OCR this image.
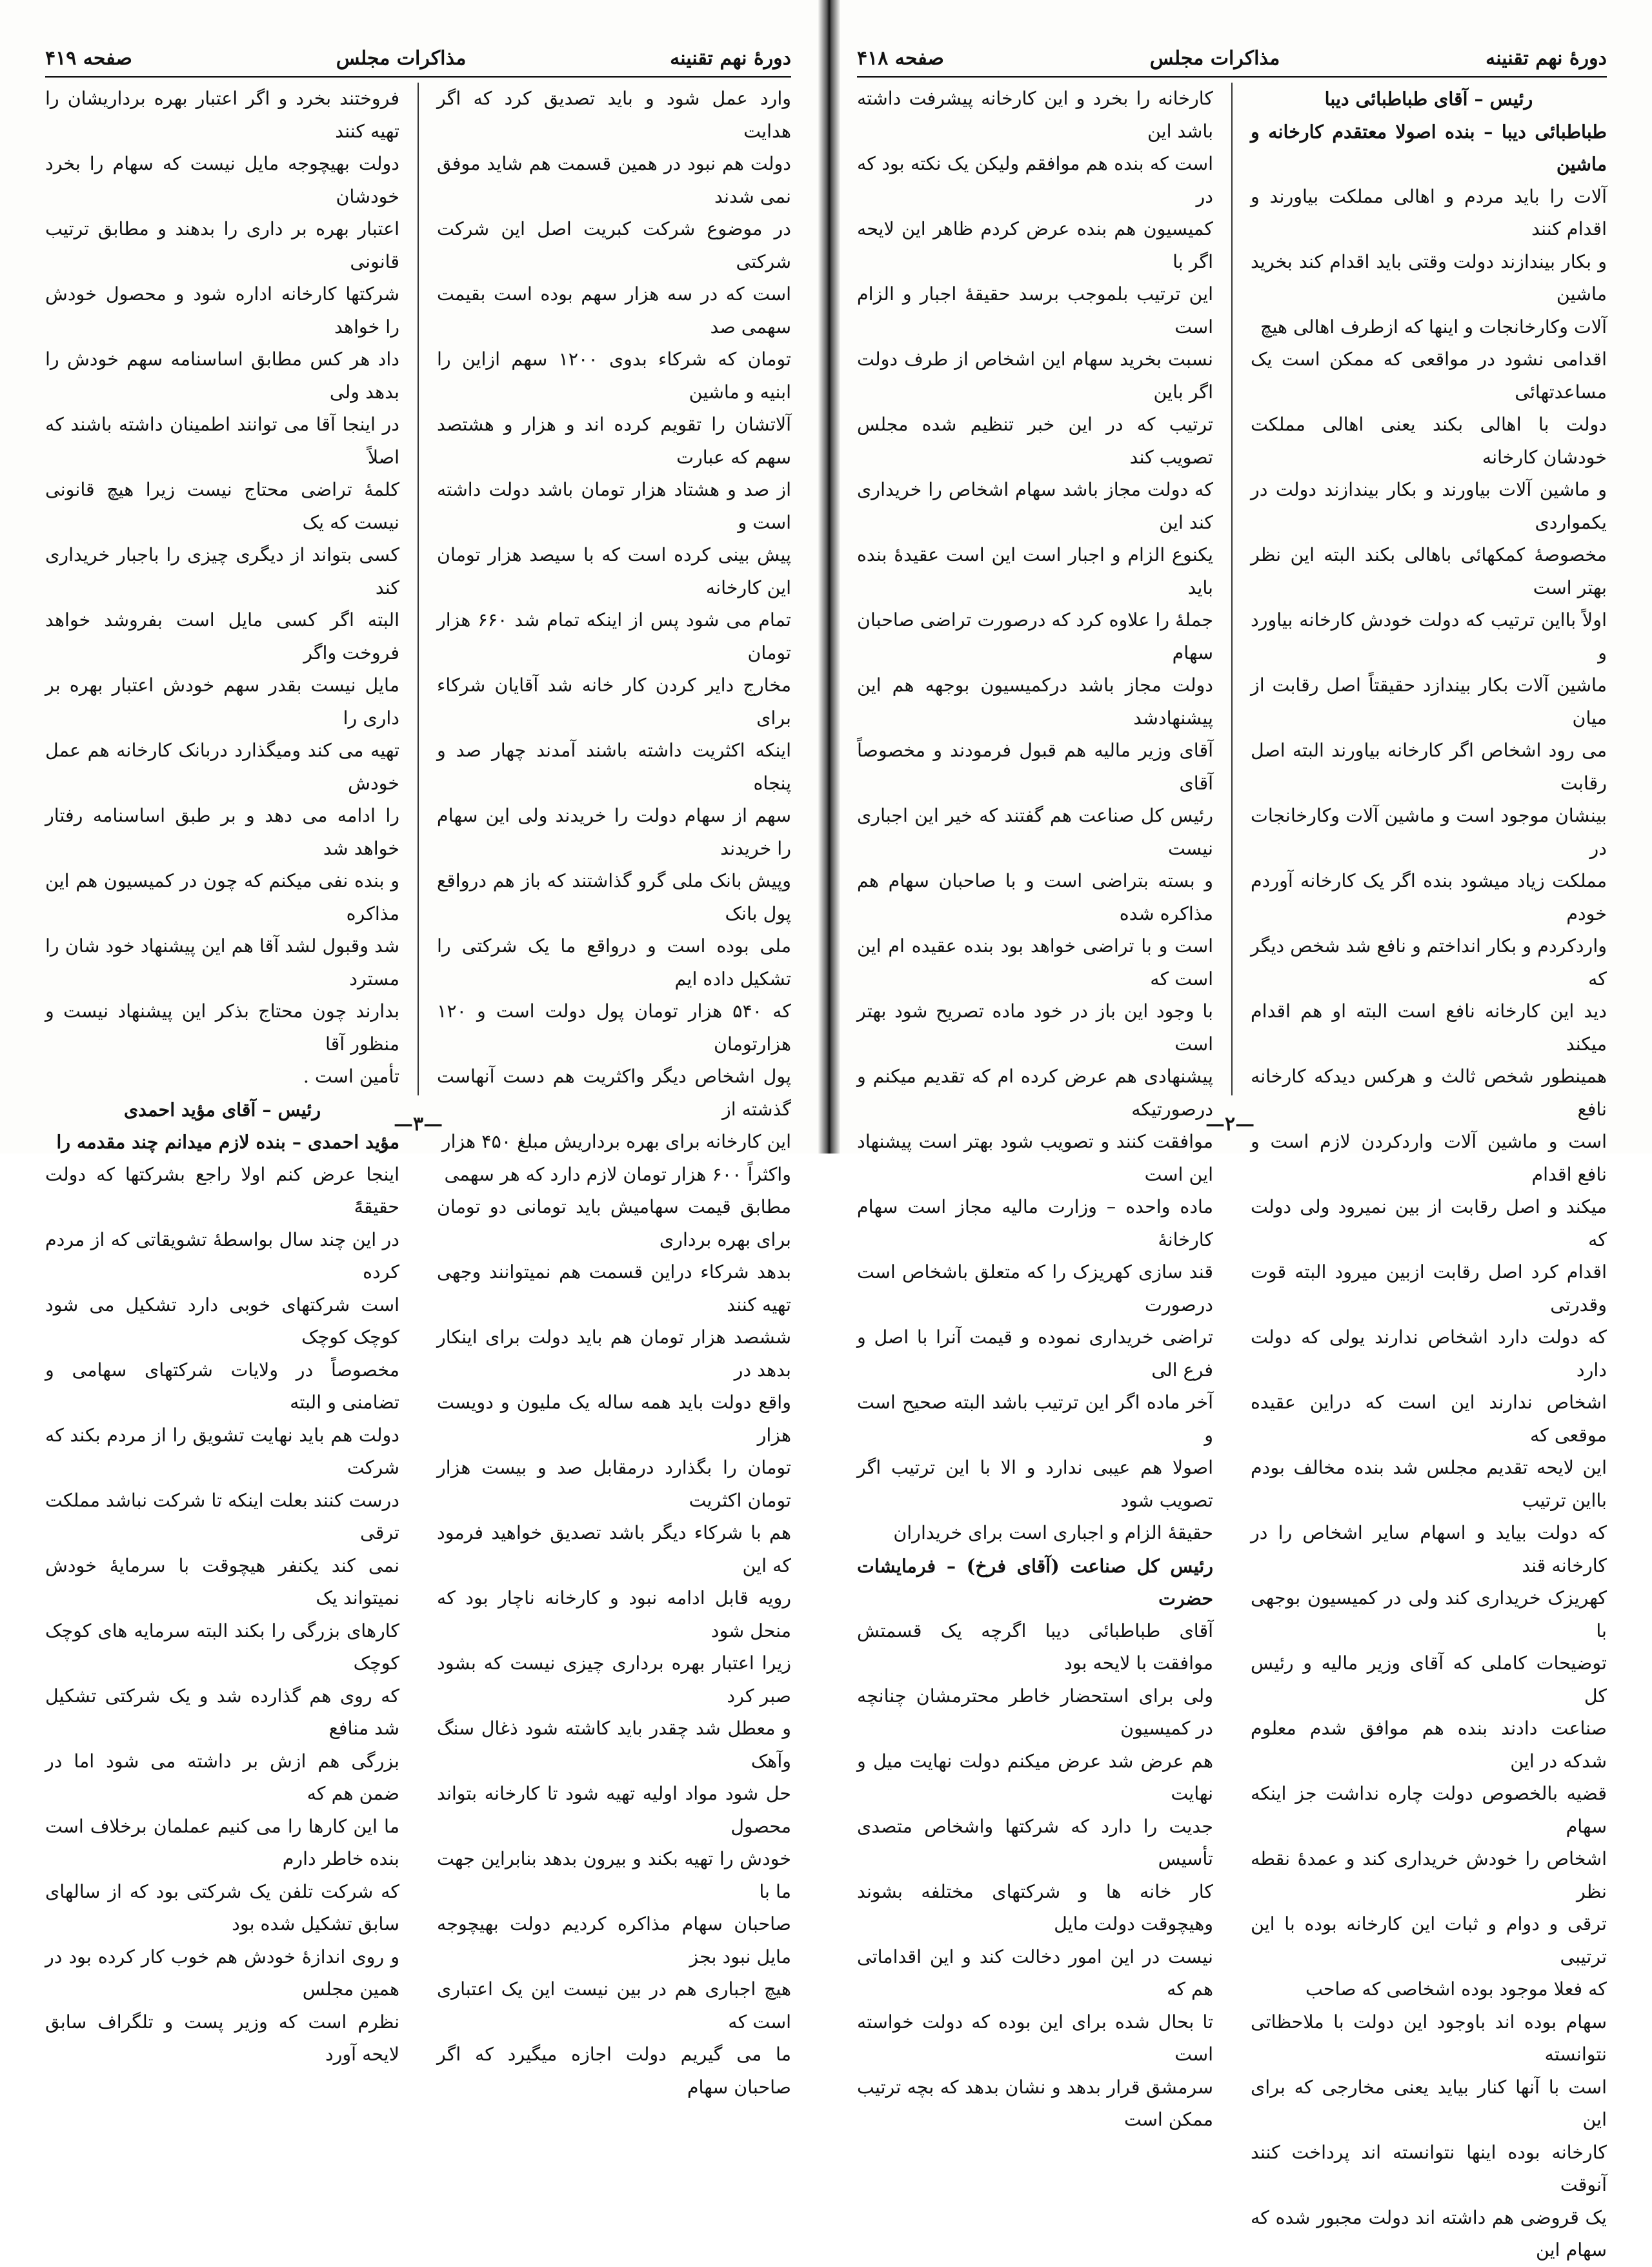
دورۀ نهم تقنینه
مذاکرات مجلس
صفحه ۴۱۹

وارد عمل شود و باید تصدیق کرد که اگر هدایت

دولت هم نبود در همین قسمت هم شاید موفق نمی شدند

در موضوع شرکت کبریت اصل این شرکت شرکتی

است که در سه هزار سهم بوده است بقیمت سهمی صد

تومان که شرکاء بدوی ۱۲۰۰ سهم ازاین را ابنیه و ماشین

آلاتشان را تقویم کرده اند و هزار و هشتصد سهم که عبارت

از صد و هشتاد هزار تومان باشد دولت داشته است و

پیش بینی کرده است که با سیصد هزار تومان این کارخانه

تمام می شود پس از اینکه تمام شد ۶۶۰ هزار تومان

مخارج دایر کردن کار خانه شد آقایان شرکاء برای

اینکه اکثریت داشته باشند آمدند چهار صد و پنجاه

سهم از سهام دولت را خریدند ولی این سهام را خریدند

وپیش بانک ملی گرو گذاشتند که باز هم درواقع پول بانک

ملی بوده است و درواقع ما یک شرکتی را تشکیل داده ایم

که ۵۴۰ هزار تومان پول دولت است و ۱۲۰ هزارتومان

پول اشخاص دیگر واکثریت هم دست آنهاست گذشته از

این کارخانه برای بهره برداریش مبلغ ۴۵۰ هزار

واکثراً ۶۰۰ هزار تومان لازم دارد که هر سهمی

مطابق قیمت سهامیش باید تومانی دو تومان برای بهره برداری

بدهد شرکاء دراین قسمت هم نمیتوانند وجهی تهیه کنند

ششصد هزار تومان هم باید دولت برای اینکار بدهد در

واقع دولت باید همه ساله یک ملیون و دویست هزار

تومان را بگذارد درمقابل صد و بیست هزار تومان اکثریت

هم با شرکاء دیگر باشد تصدیق خواهید فرمود که این

رویه قابل ادامه نبود و کارخانه ناچار بود که منحل شود

زیرا اعتبار بهره برداری چیزی نیست که بشود صبر کرد

و معطل شد چقدر باید کاشته شود ذغال سنگ وآهک

حل شود مواد اولیه تهیه شود تا کارخانه بتواند محصول

خودش را تهیه بکند و بیرون بدهد بنابراین جهت ما با

صاحبان سهام مذاکره کردیم دولت بهیچوجه مایل نبود بجز

هیچ اجباری هم در بین نیست این یک اعتباری است که

ما می گیریم دولت اجازه میگیرد که اگر صاحبان سهام

فروختند بخرد و اگر اعتبار بهره برداریشان را تهیه کنند

دولت بهیچوجه مایل نیست که سهام را بخرد خودشان

اعتبار بهره بر داری را بدهند و مطابق ترتیب قانونی

شرکتها کارخانه اداره شود و محصول خودش را خواهد

داد هر کس مطابق اساسنامه سهم خودش را بدهد ولی

در اینجا آقا می توانند اطمینان داشته باشند که اصلاً

کلمۀ تراضی محتاج نیست زیرا هیچ قانونی نیست که یک

کسی بتواند از دیگری چیزی را باجبار خریداری کند

البته اگر کسی مایل است بفروشد خواهد فروخت واگر

مایل نیست بقدر سهم خودش اعتبار بهره بر داری را

تهیه می کند ومیگذارد دربانک کارخانه هم عمل خودش

را ادامه می دهد و بر طبق اساسنامه رفتار خواهد شد

و بنده نفی میکنم که چون در کمیسیون هم این مذاکره

شد وقبول لشد آقا هم این پیشنهاد خود شان را مسترد

بدارند چون محتاج بذکر این پیشنهاد نیست و منظور آقا

تأمین است .

رئیس – آقای مؤید احمدی

مؤید احمدی – بنده لازم میدانم چند مقدمه را

اینجا عرض کنم اولا راجع بشرکتها که دولت حقیقۀً

در این چند سال بواسطۀ تشویقاتی که از مردم کرده

است شرکتهای خوبی دارد تشکیل می شود کوچک کوچک

مخصوصاً در ولایات شرکتهای سهامی و تضامنی و البته

دولت هم باید نهایت تشویق را از مردم بکند که شرکت

درست کنند بعلت اینکه تا شرکت نباشد مملکت ترقی

نمی کند یکنفر هیچوقت با سرمایۀ خودش نمیتواند یک

کارهای بزرگی را بکند البته سرمایه های کوچک کوچک

که روی هم گذارده شد و یک شرکتی تشکیل شد منافع

بزرگی هم ازش بر داشته می شود اما در ضمن هم که

ما این کارها را می کنیم عملمان برخلاف است بنده خاطر دارم

که شرکت تلفن یک شرکتی بود که از سالهای سابق تشکیل شده بود

و روی اندازۀ خودش هم خوب کار کرده بود در همین مجلس

نظرم است که وزیر پست و تلگراف سابق لایحه آورد

—۳—
دورۀ نهم تقنینه
مذاکرات مجلس
صفحه ۴۱۸

رئیس – آقای طباطبائی دیبا

طباطبائی دیبا – بنده اصولا معتقدم کارخانه و ماشین

آلات را باید مردم و اهالی مملکت بیاورند و اقدام کنند

و بکار بیندازند دولت وقتی باید اقدام کند بخرید ماشین

آلات وکارخانجات و اینها که ازطرف اهالی هیچ

اقدامی نشود در مواقعی که ممکن است یک مساعدتهائی

دولت با اهالی بکند یعنی اهالی مملکت خودشان کارخانه

و ماشین آلات بیاورند و بکار بیندازند دولت در یکمواردی

مخصوصۀ کمکهائی باهالی بکند البته این نظر بهتر است

اولاً بااین ترتیب که دولت خودش کارخانه بیاورد و

ماشین آلات بکار بیندازد حقیقتاً اصل رقابت از میان

می رود اشخاص اگر کارخانه بیاورند البته اصل رقابت

بینشان موجود است و ماشین آلات وکارخانجات در

مملکت زیاد میشود بنده اگر یک کارخانه آوردم خودم

واردکردم و بکار انداختم و نافع شد شخص دیگر که

دید این کارخانه نافع است البته او هم اقدام میکند

همینطور شخص ثالث و هرکس دیدکه کارخانه نافع

است و ماشین آلات واردکردن لازم است و نافع اقدام

میکند و اصل رقابت از بین نمیرود ولی دولت که

اقدام کرد اصل رقابت ازبین میرود البته قوت وقدرتی

که دولت دارد اشخاص ندارند یولی که دولت دارد

اشخاص ندارند این است که دراین عقیده موقعی که

این لایحه تقدیم مجلس شد بنده مخالف بودم بااین ترتیب

که دولت بیاید و اسهام سایر اشخاص را در کارخانه قند

کهریزک خریداری کند ولی در کمیسیون بوجهی با

توضیحات کاملی که آقای وزیر مالیه و رئیس کل

صناعت دادند بنده هم موافق شدم معلوم شدکه در این

قضیه بالخصوص دولت چاره نداشت جز اینکه سهام

اشخاص را خودش خریداری کند و عمدۀ نقطه نظر

ترقی و دوام و ثبات این کارخانه بوده با این ترتیبی

که فعلا موجود بوده اشخاصی که صاحب

سهام بوده اند باوجود این دولت با ملاحظاتی نتوانسته

است با آنها کنار بیاید یعنی مخارجی که برای این

کارخانه بوده اینها نتوانسته اند پرداخت کنند آنوقت

یک قروضی هم داشته اند دولت مجبور شده که سهام این

کارخانه را بخرد و این کارخانه پیشرفت داشته باشد این

است که بنده هم موافقم ولیکن یک نکته بود که در

کمیسیون هم بنده عرض کردم ظاهر این لایحه اگر با

این ترتیب بلموجب برسد حقیقۀ اجبار و الزام است

نسبت بخرید سهام این اشخاص از طرف دولت اگر باین

ترتیب که در این خبر تنظیم شده مجلس تصویب کند

که دولت مجاز باشد سهام اشخاص را خریداری کند این

یکنوع الزام و اجبار است این است عقیدۀ بنده باید

جملۀ را علاوه کرد که درصورت تراضی صاحبان سهام

دولت مجاز باشد درکمیسیون بوجهه هم این پیشنهادشد

آقای وزیر مالیه هم قبول فرمودند و مخصوصاً آقای

رئیس کل صناعت هم گفتند که خیر این اجباری نیست

و بسته بتراضی است و با صاحبان سهام هم مذاکره شده

است و با تراضی خواهد بود بنده عقیده ام این است که

با وجود این باز در خود ماده تصریح شود بهتر است

پیشنهادی هم عرض کرده ام که تقدیم میکنم و درصورتیکه

موافقت کنند و تصویب شود بهتر است پیشنهاد این است

ماده واحده – وزارت مالیه مجاز است سهام کارخانۀ

قند سازی کهریزک را که متعلق باشخاص است درصورت

تراضی خریداری نموده و قیمت آنرا با اصل و فرع الی

آخر ماده اگر این ترتیب باشد البته صحیح است و

اصولا هم عیبی ندارد و الا با این ترتیب اگر تصویب شود

حقیقۀ الزام و اجباری است برای خریداران

رئیس کل صناعت (آقای فرخ) – فرمایشات حضرت

آقای طباطبائی دیبا اگرچه یک قسمتش موافقت با لایحه بود

ولی برای استحضار خاطر محترمشان چنانچه در کمیسیون

هم عرض شد عرض میکنم دولت نهایت میل و نهایت

جدیت را دارد که شرکتها واشخاص متصدی تأسیس

کار خانه ها و شرکتهای مختلفه بشوند وهیچوقت دولت مایل

نیست در این امور دخالت کند و این اقداماتی هم که

تا بحال شده برای این بوده که دولت خواسته است

سرمشق قرار بدهد و نشان بدهد که بچه ترتیب ممکن است

—۲—
